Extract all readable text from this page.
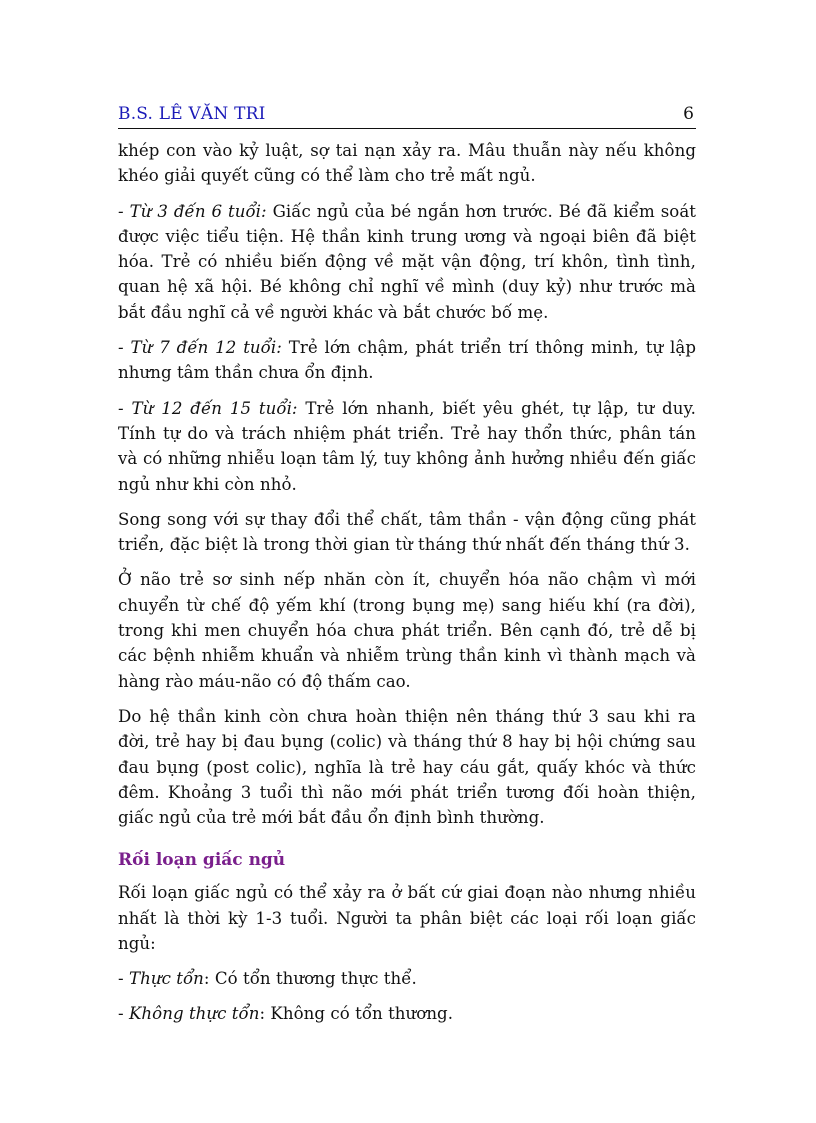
B.S. LÊ VĂN TRI	6

khép con vào kỷ luật, sợ tai nạn xảy ra. Mâu thuẫn này nếu không khéo giải quyết cũng có thể làm cho trẻ mất ngủ.

- Từ 3 đến 6 tuổi: Giấc ngủ của bé ngắn hơn trước. Bé đã kiểm soát được việc tiểu tiện. Hệ thần kinh trung ương và ngoại biên đã biệt hóa. Trẻ có nhiều biến động về mặt vận động, trí khôn, tình tình, quan hệ xã hội. Bé không chỉ nghĩ về mình (duy kỷ) như trước mà bắt đầu nghĩ cả về người khác và bắt chước bố mẹ.

- Từ 7 đến 12 tuổi: Trẻ lớn chậm, phát triển trí thông minh, tự lập nhưng tâm thần chưa ổn định.

- Từ 12 đến 15 tuổi: Trẻ lớn nhanh, biết yêu ghét, tự lập, tư duy. Tính tự do và trách nhiệm phát triển. Trẻ hay thổn thức, phân tán và có những nhiễu loạn tâm lý, tuy không ảnh hưởng nhiều đến giấc ngủ như khi còn nhỏ.

Song song với sự thay đổi thể chất, tâm thần - vận động cũng phát triển, đặc biệt là trong thời gian từ tháng thứ nhất đến tháng thứ 3.

Ở não trẻ sơ sinh nếp nhăn còn ít, chuyển hóa não chậm vì mới chuyển từ chế độ yếm khí (trong bụng mẹ) sang hiếu khí (ra đời), trong khi men chuyển hóa chưa phát triển. Bên cạnh đó, trẻ dễ bị các bệnh nhiễm khuẩn và nhiễm trùng thần kinh vì thành mạch và hàng rào máu-não có độ thấm cao.

Do hệ thần kinh còn chưa hoàn thiện nên tháng thứ 3 sau khi ra đời, trẻ hay bị đau bụng (colic) và tháng thứ 8 hay bị hội chứng sau đau bụng (post colic), nghĩa là trẻ hay cáu gắt, quấy khóc và thức đêm. Khoảng 3 tuổi thì não mới phát triển tương đối hoàn thiện, giấc ngủ của trẻ mới bắt đầu ổn định bình thường.

Rối loạn giấc ngủ

Rối loạn giấc ngủ có thể xảy ra ở bất cứ giai đoạn nào nhưng nhiều nhất là thời kỳ 1-3 tuổi. Người ta phân biệt các loại rối loạn giấc ngủ:

- Thực tổn: Có tổn thương thực thể.

- Không thực tổn: Không có tổn thương.
